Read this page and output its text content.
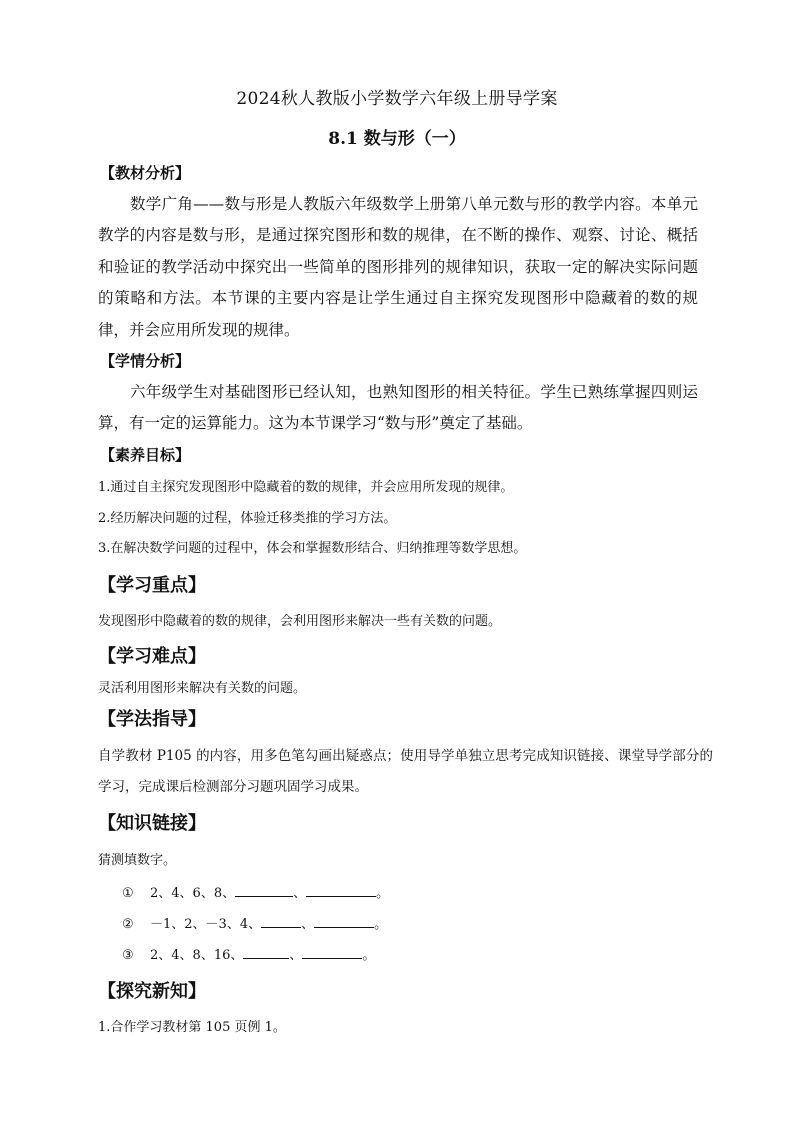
2024秋人教版小学数学六年级上册导学案
8.1 数与形（一）
【教材分析】
数学广角——数与形是人教版六年级数学上册第八单元数与形的教学内容。本单元教学的内容是数与形，是通过探究图形和数的规律，在不断的操作、观察、讨论、概括和验证的教学活动中探究出一些简单的图形排列的规律知识，获取一定的解决实际问题的策略和方法。本节课的主要内容是让学生通过自主探究发现图形中隐藏着的数的规律，并会应用所发现的规律。
【学情分析】
六年级学生对基础图形已经认知，也熟知图形的相关特征。学生已熟练掌握四则运算，有一定的运算能力。这为本节课学习“数与形”奠定了基础。
【素养目标】
1.通过自主探究发现图形中隐藏着的数的规律，并会应用所发现的规律。
2.经历解决问题的过程，体验迁移类推的学习方法。
3.在解决数学问题的过程中，体会和掌握数形结合、归纳推理等数学思想。
【学习重点】
发现图形中隐藏着的数的规律，会利用图形来解决一些有关数的问题。
【学习难点】
灵活利用图形来解决有关数的问题。
【学法指导】
自学教材 P105 的内容，用多色笔勾画出疑惑点；使用导学单独立思考完成知识链接、课堂导学部分的学习，完成课后检测部分习题巩固学习成果。
【知识链接】
猜测填数字。
① 2、4、6、8、	、	。
② －1、2、－3、4、	、	。
③ 2、4、8、16、	、	。
【探究新知】
1.合作学习教材第 105 页例 1。
